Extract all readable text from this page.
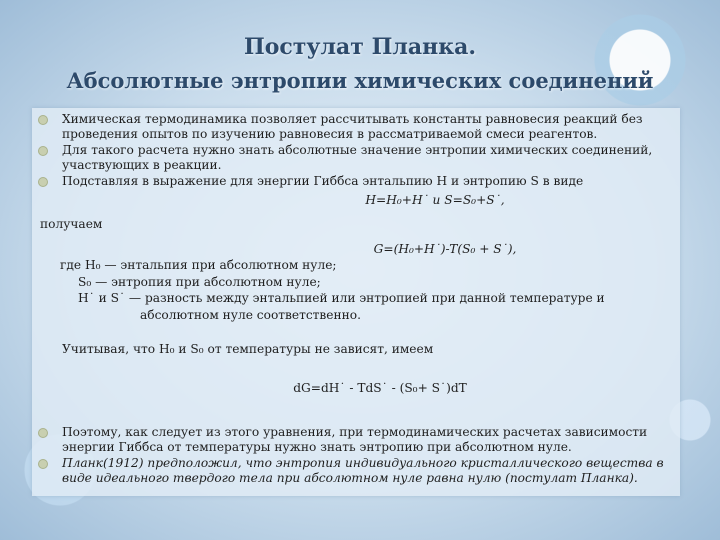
Постулат Планка.
Абсолютные энтропии химических соединений

Химическая термодинамика позволяет рассчитывать константы равновесия реакций без проведения опытов по изучению равновесия в рассматриваемой смеси реагентов.

Для такого расчета нужно знать абсолютные значение энтропии химических соединений, участвующих в реакции.

Подставляя в выражение для энергии Гиббса энтальпию H и энтропию S в виде

H=H₀+H˙ и S=S₀+S˙,

получаем

G=(H₀+H˙)-T(S₀ + S˙),

где H₀ — энтальпия при абсолютном нуле;

S₀ — энтропия при абсолютном нуле;

H˙ и S˙ — разность между энтальпией или энтропией при данной температуре и

абсолютном нуле соответственно.

Учитывая, что H₀ и S₀ от температуры не зависят, имеем

dG=dH˙ - TdS˙ - (S₀+ S˙)dT

Поэтому, как следует из этого уравнения, при термодинамических расчетах зависимости энергии Гиббса от температуры нужно знать энтропию при абсолютном нуле.

Планк(1912) предположил, что энтропия индивидуального кристаллического вещества в виде идеального твердого тела при абсолютном нуле равна нулю (постулат Планка).
